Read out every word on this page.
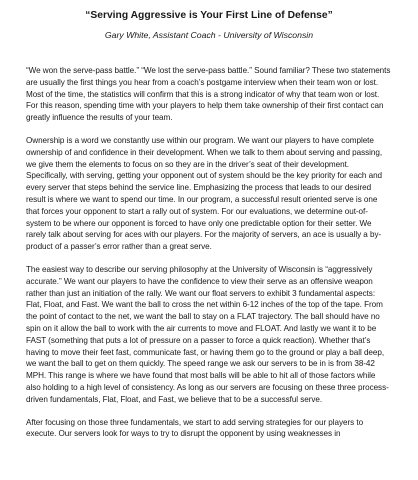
“Serving Aggressive is Your First Line of Defense”

Gary White, Assistant Coach - University of Wisconsin

“We won the serve-pass battle.” “We lost the serve-pass battle.” Sound familiar? These two statements are usually the first things you hear from a coach’s postgame interview when their team won or lost. Most of the time, the statistics will confirm that this is a strong indicator of why that team won or lost. For this reason, spending time with your players to help them take ownership of their first contact can greatly influence the results of your team.

Ownership is a word we constantly use within our program. We want our players to have complete ownership of and confidence in their development. When we talk to them about serving and passing, we give them the elements to focus on so they are in the driver’s seat of their development. Specifically, with serving, getting your opponent out of system should be the key priority for each and every server that steps behind the service line. Emphasizing the process that leads to our desired result is where we want to spend our time. In our program, a successful result oriented serve is one that forces your opponent to start a rally out of system. For our evaluations, we determine out-of-system to be where our opponent is forced to have only one predictable option for their setter. We rarely talk about serving for aces with our players. For the majority of servers, an ace is usually a by-product of a passer’s error rather than a great serve.

The easiest way to describe our serving philosophy at the University of Wisconsin is “aggressively accurate.” We want our players to have the confidence to view their serve as an offensive weapon rather than just an initiation of the rally. We want our float servers to exhibit 3 fundamental aspects: Flat, Float, and Fast. We want the ball to cross the net within 6-12 inches of the top of the tape. From the point of contact to the net, we want the ball to stay on a FLAT trajectory. The ball should have no spin on it allow the ball to work with the air currents to move and FLOAT. And lastly we want it to be FAST (something that puts a lot of pressure on a passer to force a quick reaction). Whether that’s having to move their feet fast, communicate fast, or having them go to the ground or play a ball deep, we want the ball to get on them quickly. The speed range we ask our servers to be in is from 38-42 MPH. This range is where we have found that most balls will be able to hit all of those factors while also holding to a high level of consistency. As long as our servers are focusing on these three process-driven fundamentals, Flat, Float, and Fast, we believe that to be a successful serve.

After focusing on those three fundamentals, we start to add serving strategies for our players to execute. Our servers look for ways to try to disrupt the opponent by using weaknesses in
